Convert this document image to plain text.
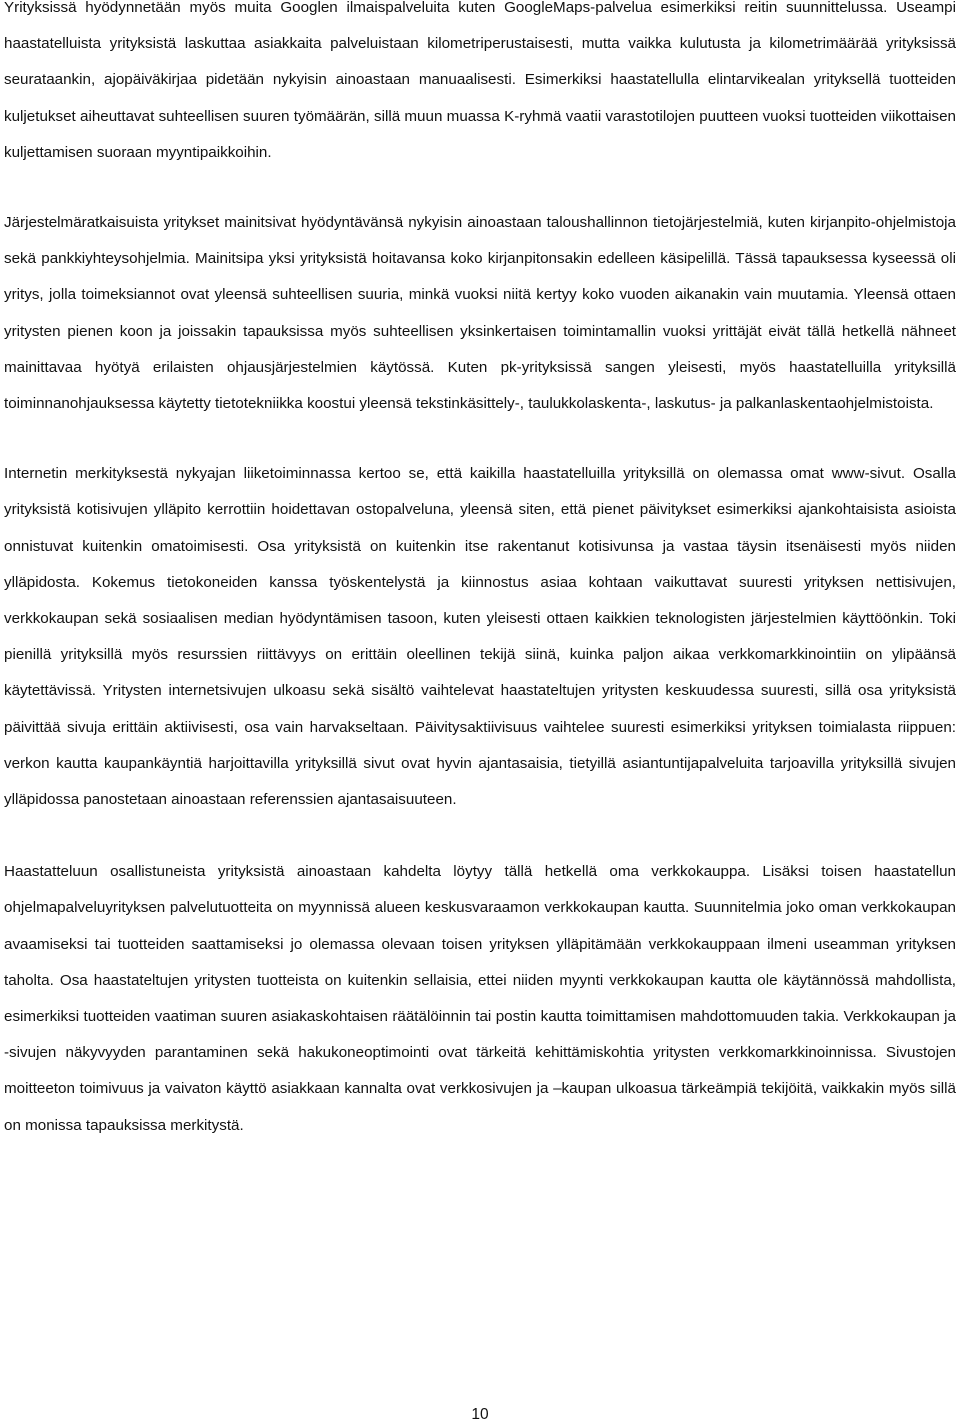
Yrityksissä hyödynnetään myös muita Googlen ilmaispalveluita kuten GoogleMaps-palvelua esimerkiksi reitin suunnittelussa. Useampi haastatelluista yrityksistä laskuttaa asiakkaita palveluistaan kilometriperustaisesti, mutta vaikka kulutusta ja kilometrimäärää yrityksissä seurataankin, ajopäiväkirjaa pidetään nykyisin ainoastaan manuaalisesti. Esimerkiksi haastatellulla elintarvikealan yrityksellä tuotteiden kuljetukset aiheuttavat suhteellisen suuren työmäärän, sillä muun muassa K-ryhmä vaatii varastotilojen puutteen vuoksi tuotteiden viikottaisen kuljettamisen suoraan myyntipaikkoihin.

Järjestelmäratkaisuista yritykset mainitsivat hyödyntävänsä nykyisin ainoastaan taloushallinnon tietojärjestelmiä, kuten kirjanpito-ohjelmistoja sekä pankkiyhteysohjelmia. Mainitsipa yksi yrityksistä hoitavansa koko kirjanpitonsakin edelleen käsipelillä. Tässä tapauksessa kyseessä oli yritys, jolla toimeksiannot ovat yleensä suhteellisen suuria, minkä vuoksi niitä kertyy koko vuoden aikanakin vain muutamia. Yleensä ottaen yritysten pienen koon ja joissakin tapauksissa myös suhteellisen yksinkertaisen toimintamallin vuoksi yrittäjät eivät tällä hetkellä nähneet mainittavaa hyötyä erilaisten ohjausjärjestelmien käytössä. Kuten pk-yrityksissä sangen yleisesti, myös haastatelluilla yrityksillä toiminnanohjauksessa käytetty tietotekniikka koostui yleensä tekstinkäsittely-, taulukkolaskenta-, laskutus- ja palkanlaskentaohjelmistoista.

Internetin merkityksestä nykyajan liiketoiminnassa kertoo se, että kaikilla haastatelluilla yrityksillä on olemassa omat www-sivut. Osalla yrityksistä kotisivujen ylläpito kerrottiin hoidettavan ostopalveluna, yleensä siten, että pienet päivitykset esimerkiksi ajankohtaisista asioista onnistuvat kuitenkin omatoimisesti. Osa yrityksistä on kuitenkin itse rakentanut kotisivunsa ja vastaa täysin itsenäisesti myös niiden ylläpidosta. Kokemus tietokoneiden kanssa työskentelystä ja kiinnostus asiaa kohtaan vaikuttavat suuresti yrityksen nettisivujen, verkkokaupan sekä sosiaalisen median hyödyntämisen tasoon, kuten yleisesti ottaen kaikkien teknologisten järjestelmien käyttöönkin. Toki pienillä yrityksillä myös resurssien riittävyys on erittäin oleellinen tekijä siinä, kuinka paljon aikaa verkkomarkkinointiin on ylipäänsä käytettävissä. Yritysten internetsivujen ulkoasu sekä sisältö vaihtelevat haastateltujen yritysten keskuudessa suuresti, sillä osa yrityksistä päivittää sivuja erittäin aktiivisesti, osa vain harvakseltaan. Päivitysaktiivisuus vaihtelee suuresti esimerkiksi yrityksen toimialasta riippuen: verkon kautta kaupankäyntiä harjoittavilla yrityksillä sivut ovat hyvin ajantasaisia, tietyillä asiantuntijapalveluita tarjoavilla yrityksillä sivujen ylläpidossa panostetaan ainoastaan referenssien ajantasaisuuteen.

Haastatteluun osallistuneista yrityksistä ainoastaan kahdelta löytyy tällä hetkellä oma verkkokauppa. Lisäksi toisen haastatellun ohjelmapalveluyrityksen palvelutuotteita on myynnissä alueen keskusvaraamon verkkokaupan kautta. Suunnitelmia joko oman verkkokaupan avaamiseksi tai tuotteiden saattamiseksi jo olemassa olevaan toisen yrityksen ylläpitämään verkkokauppaan ilmeni useamman yrityksen taholta. Osa haastateltujen yritysten tuotteista on kuitenkin sellaisia, ettei niiden myynti verkkokaupan kautta ole käytännössä mahdollista, esimerkiksi tuotteiden vaatiman suuren asiakaskohtaisen räätälöinnin tai postin kautta toimittamisen mahdottomuuden takia. Verkkokaupan ja -sivujen näkyvyyden parantaminen sekä hakukoneoptimointi ovat tärkeitä kehittämiskohtia yritysten verkkomarkkinoinnissa. Sivustojen moitteeton toimivuus ja vaivaton käyttö asiakkaan kannalta ovat verkkosivujen ja –kaupan ulkoasua tärkeämpiä tekijöitä, vaikkakin myös sillä on monissa tapauksissa merkitystä.

10
